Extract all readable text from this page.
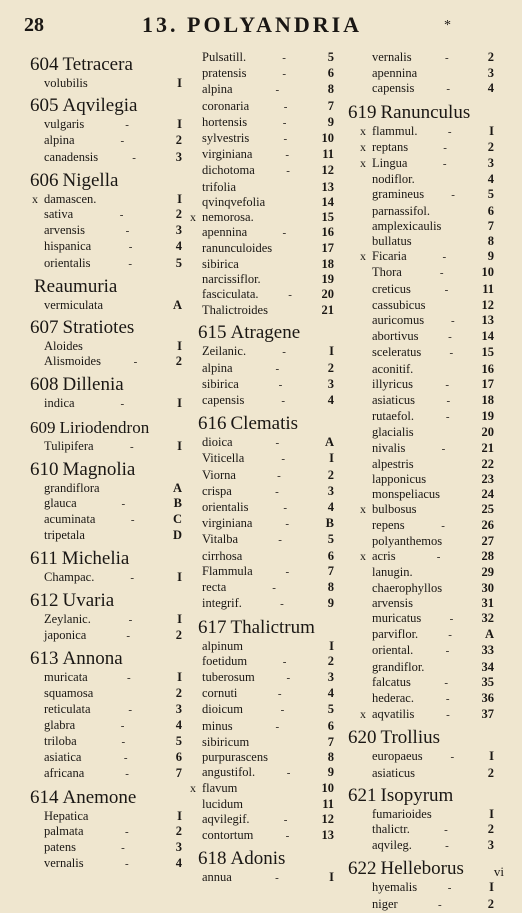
28	13. POLYANDRIA	*
604 Tetracera
volubilis	I
605 Aqvilegia
vulgaris	-	I
alpina	-	2
canadensis	-	3
606 Nigella
x damascen.	I
sativa	-	2
arvensis	-	3
hispanica	-	4
orientalis	-	5
Reaumuria
vermiculata	A
607 Stratiotes
Aloides	I
Alismoides	-	2
608 Dillenia
indica	-	I
609 Liriodendron
Tulipifera	-	I
610 Magnolia
grandiflora	A
glauca	-	B
acuminata	-	C
tripetala	D
611 Michelia
Champac.	-	I
612 Uvaria
Zeylanic.	-	I
japonica	-	2
613 Annona
muricata	-	I
squamosa	2
reticulata	-	3
glabra	-	4
triloba	-	5
asiatica	-	6
africana	-	7
614 Anemone
Hepatica	I
palmata	-	2
patens	-	3
vernalis	-	4
Pulsatill.	-	5
pratensis	-	6
alpina	-	8
coronaria	-	7
hortensis	-	9
sylvestris	-	10
virginiana	-	11
dichotoma	-	12
trifolia	13
qvinqvefolia	14
x nemorosa.	15
apennina	-	16
ranunculoides	17
sibirica	18
narcissiflor.	19
fasciculata.	-	20
Thalictroides	21
615 Atragene
Zeilanic.	-	I
alpina	-	2
sibirica	-	3
capensis	-	4
616 Clematis
dioica	-	A
Viticella	-	I
Viorna	-	2
crispa	-	3
orientalis	-	4
virginiana	-	B
Vitalba	-	5
cirrhosa	6
Flammula	-	7
recta	-	8
integrif.	-	9
617 Thalictrum
alpinum	I
foetidum	-	2
tuberosum	-	3
cornuti	-	4
dioicum	-	5
minus	-	6
sibiricum	7
purpurascens	8
angustifol.	-	9
x flavum	10
lucidum	11
aqvilegif.	-	12
contortum	-	13
618 Adonis
annua	-	I
vernalis	-	2
apennina	3
capensis	-	4
619 Ranunculus
x flammul.	-	I
x reptans	-	2
x Lingua	-	3
nodiflor.	4
gramineus	-	5
parnassifol.	6
amplexicaulis	7
bullatus	8
x Ficaria	-	9
Thora	-	10
creticus	-	11
cassubicus	12
auricomus	-	13
abortivus	-	14
sceleratus	-	15
aconitif.	16
illyricus	-	17
asiaticus	-	18
rutaefol.	-	19
glacialis	20
nivalis	-	21
alpestris	22
lapponicus	23
monspeliacus	24
x bulbosus	25
repens	-	26
polyanthemos	27
x acris	-	28
lanugin.	29
chaerophyllos	30
arvensis	31
muricatus	-	32
parviflor.	-	A
oriental.	-	33
grandiflor.	34
falcatus	-	35
hederac.	-	36
x aqvatilis	-	37
620 Trollius
europaeus	-	I
asiaticus	2
621 Isopyrum
fumarioides	I
thalictr.	-	2
aqvileg.	-	3
622 Helleborus
hyemalis	-	I
niger	-	2
vi
